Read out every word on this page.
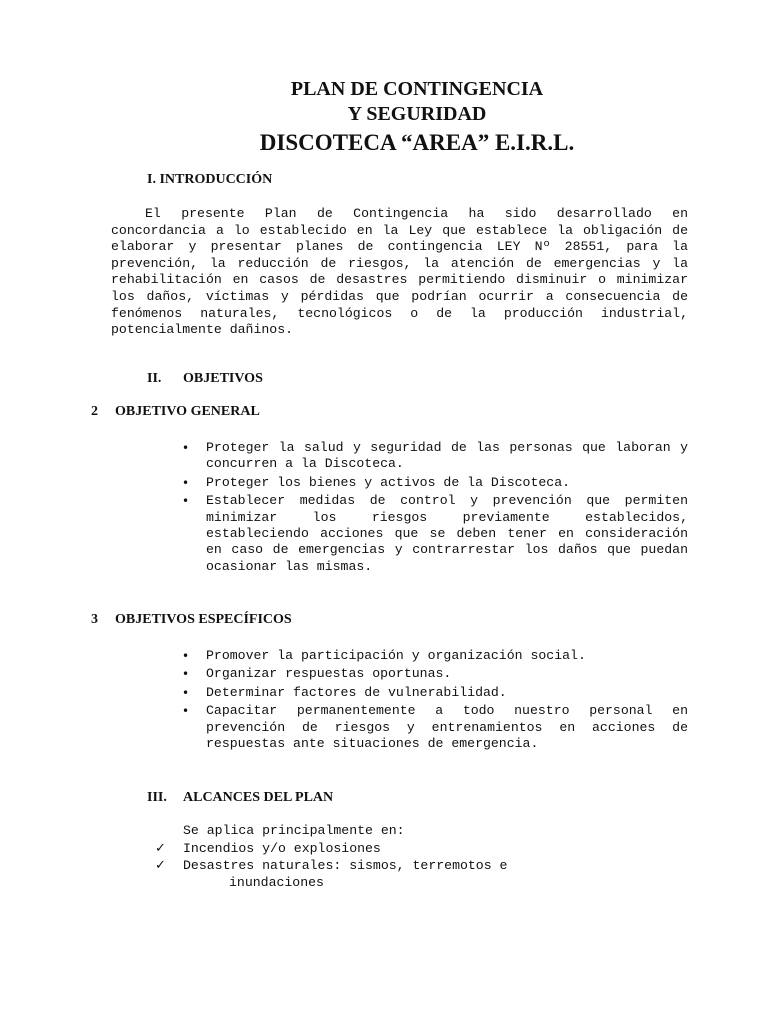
PLAN DE CONTINGENCIA
Y SEGURIDAD
DISCOTECA “AREA” E.I.R.L.
I. INTRODUCCIÓN

El presente Plan de Contingencia ha sido desarrollado en concordancia a lo establecido en la Ley que establece la obligación de elaborar y presentar planes de contingencia LEY Nº 28551, para la prevención, la reducción de riesgos, la atención de emergencias y la rehabilitación en casos de desastres permitiendo disminuir o minimizar los daños, víctimas y pérdidas que podrían ocurrir a consecuencia de fenómenos naturales, tecnológicos o de la producción industrial, potencialmente dañinos.

II. OBJETIVOS
2 OBJETIVO GENERAL
• Proteger la salud y seguridad de las personas que laboran y concurren a la Discoteca.
• Proteger los bienes y activos de la Discoteca.
• Establecer medidas de control y prevención que permiten minimizar los riesgos previamente establecidos, estableciendo acciones que se deben tener en consideración en caso de emergencias y contrarrestar los daños que puedan ocasionar las mismas.
3 OBJETIVOS ESPECÍFICOS
• Promover la participación y organización social.
• Organizar respuestas oportunas.
• Determinar factores de vulnerabilidad.
• Capacitar permanentemente a todo nuestro personal en prevención de riesgos y entrenamientos en acciones de respuestas ante situaciones de emergencia.
III. ALCANCES DEL PLAN
Se aplica principalmente en:
✓ Incendios y/o explosiones
✓ Desastres naturales: sismos, terremotos e
inundaciones
